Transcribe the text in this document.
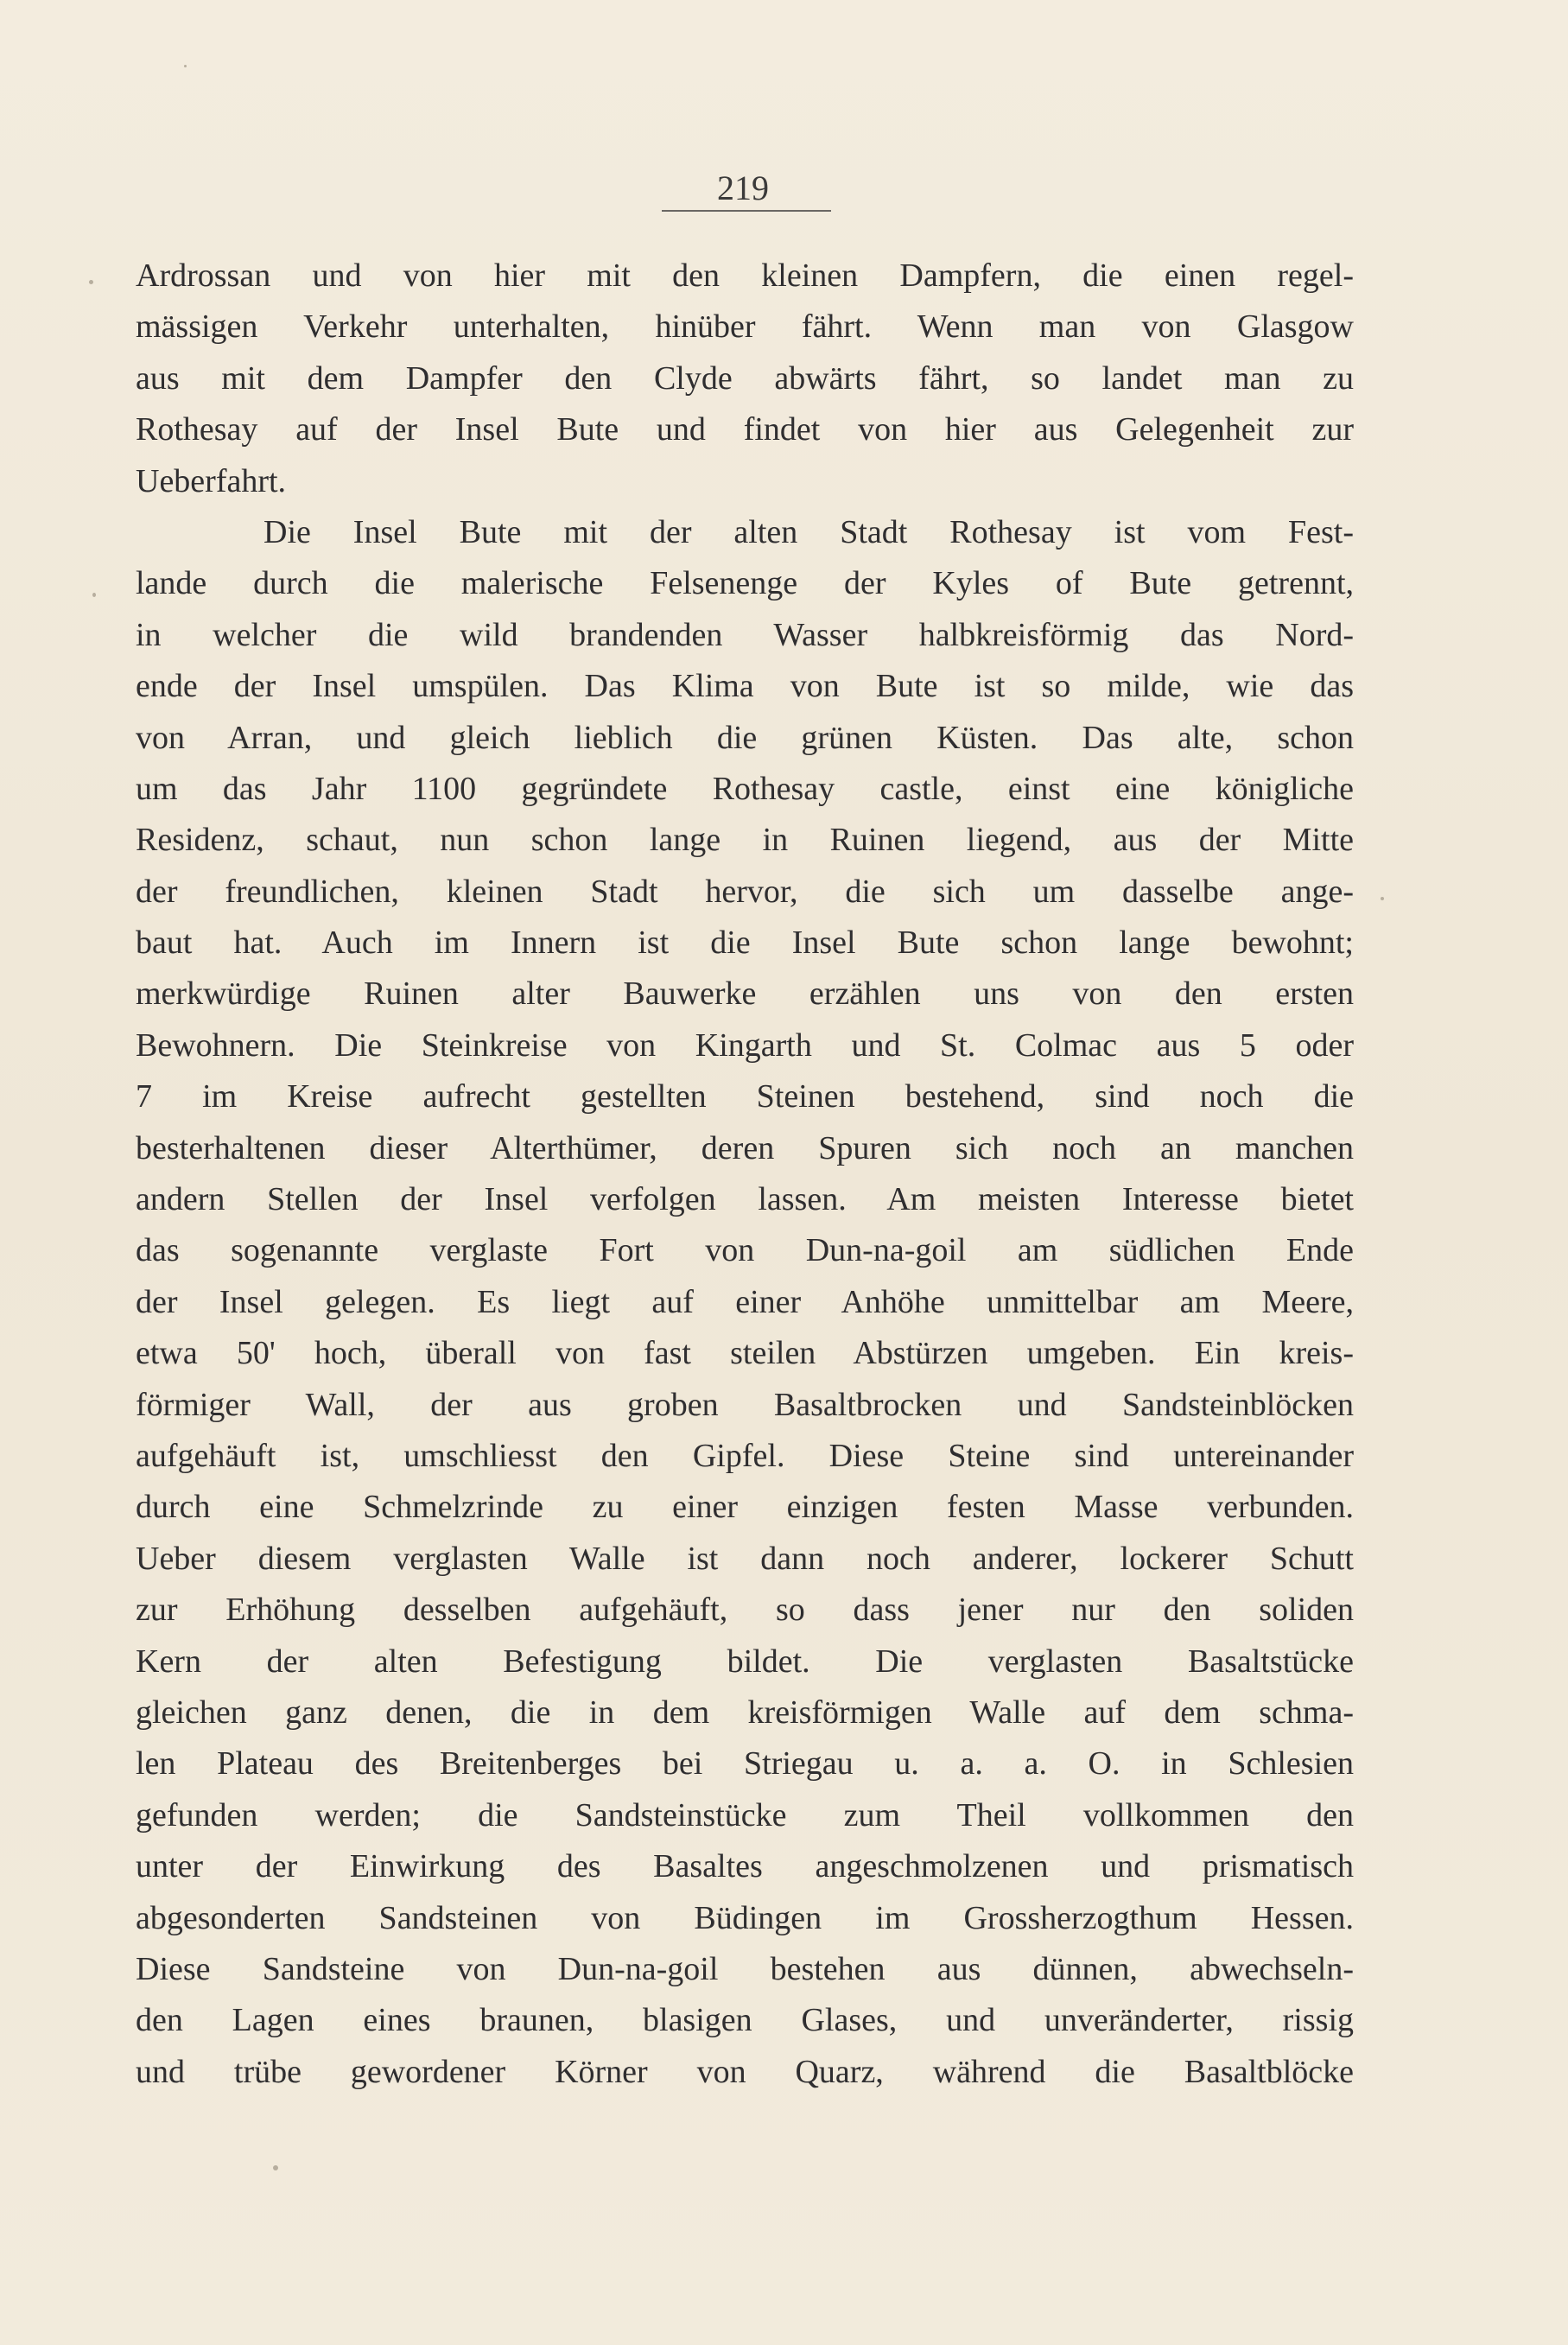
219
Ardrossan und von hier mit den kleinen Dampfern, die einen regel-
mässigen Verkehr unterhalten, hinüber fährt. Wenn man von Glasgow
aus mit dem Dampfer den Clyde abwärts fährt, so landet man zu
Rothesay auf der Insel Bute und findet von hier aus Gelegenheit zur
Ueberfahrt.
Die Insel Bute mit der alten Stadt Rothesay ist vom Fest-
lande durch die malerische Felsenenge der Kyles of Bute getrennt,
in welcher die wild brandenden Wasser halbkreisförmig das Nord-
ende der Insel umspülen. Das Klima von Bute ist so milde, wie das
von Arran, und gleich lieblich die grünen Küsten. Das alte, schon
um das Jahr 1100 gegründete Rothesay castle, einst eine königliche
Residenz, schaut, nun schon lange in Ruinen liegend, aus der Mitte
der freundlichen, kleinen Stadt hervor, die sich um dasselbe ange-
baut hat. Auch im Innern ist die Insel Bute schon lange bewohnt;
merkwürdige Ruinen alter Bauwerke erzählen uns von den ersten
Bewohnern. Die Steinkreise von Kingarth und St. Colmac aus 5 oder
7 im Kreise aufrecht gestellten Steinen bestehend, sind noch die
besterhaltenen dieser Alterthümer, deren Spuren sich noch an manchen
andern Stellen der Insel verfolgen lassen. Am meisten Interesse bietet
das sogenannte verglaste Fort von Dun-na-goil am südlichen Ende
der Insel gelegen. Es liegt auf einer Anhöhe unmittelbar am Meere,
etwa 50' hoch, überall von fast steilen Abstürzen umgeben. Ein kreis-
förmiger Wall, der aus groben Basaltbrocken und Sandsteinblöcken
aufgehäuft ist, umschliesst den Gipfel. Diese Steine sind untereinander
durch eine Schmelzrinde zu einer einzigen festen Masse verbunden.
Ueber diesem verglasten Walle ist dann noch anderer, lockerer Schutt
zur Erhöhung desselben aufgehäuft, so dass jener nur den soliden
Kern der alten Befestigung bildet. Die verglasten Basaltstücke
gleichen ganz denen, die in dem kreisförmigen Walle auf dem schma-
len Plateau des Breitenberges bei Striegau u. a. a. O. in Schlesien
gefunden werden; die Sandsteinstücke zum Theil vollkommen den
unter der Einwirkung des Basaltes angeschmolzenen und prismatisch
abgesonderten Sandsteinen von Büdingen im Grossherzogthum Hessen.
Diese Sandsteine von Dun-na-goil bestehen aus dünnen, abwechseln-
den Lagen eines braunen, blasigen Glases, und unveränderter, rissig
und trübe gewordener Körner von Quarz, während die Basaltblöcke
